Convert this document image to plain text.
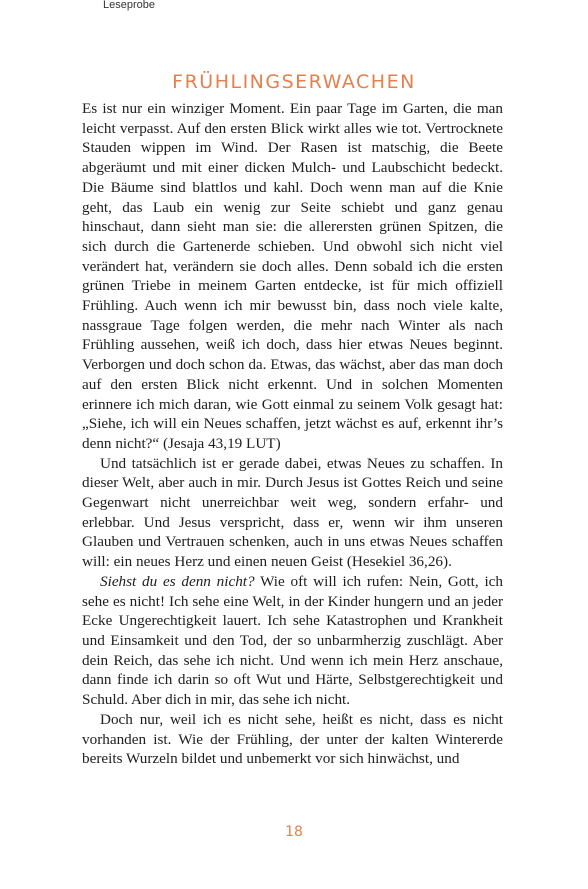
Leseprobe
FRÜHLINGSERWACHEN

Es ist nur ein winziger Moment. Ein paar Tage im Garten, die man leicht verpasst. Auf den ersten Blick wirkt alles wie tot. Vertrocknete Stauden wippen im Wind. Der Rasen ist matschig, die Beete abgeräumt und mit einer dicken Mulch- und Laubschicht bedeckt. Die Bäume sind blattlos und kahl. Doch wenn man auf die Knie geht, das Laub ein wenig zur Seite schiebt und ganz genau hinschaut, dann sieht man sie: die allerersten grünen Spitzen, die sich durch die Gartenerde schieben. Und obwohl sich nicht viel verändert hat, verändern sie doch alles. Denn sobald ich die ersten grünen Triebe in meinem Garten entdecke, ist für mich offiziell Frühling. Auch wenn ich mir bewusst bin, dass noch viele kalte, nassgraue Tage folgen werden, die mehr nach Winter als nach Frühling aussehen, weiß ich doch, dass hier etwas Neues beginnt. Verborgen und doch schon da. Etwas, das wächst, aber das man doch auf den ersten Blick nicht erkennt. Und in solchen Momenten erinnere ich mich daran, wie Gott einmal zu seinem Volk gesagt hat: „Siehe, ich will ein Neues schaffen, jetzt wächst es auf, erkennt ihr’s denn nicht?“ (Jesaja 43,19 LUT)

Und tatsächlich ist er gerade dabei, etwas Neues zu schaffen. In dieser Welt, aber auch in mir. Durch Jesus ist Gottes Reich und seine Gegenwart nicht unerreichbar weit weg, sondern erfahr- und erlebbar. Und Jesus verspricht, dass er, wenn wir ihm unseren Glauben und Vertrauen schenken, auch in uns etwas Neues schaffen will: ein neues Herz und einen neuen Geist (Hesekiel 36,26).

Siehst du es denn nicht? Wie oft will ich rufen: Nein, Gott, ich sehe es nicht! Ich sehe eine Welt, in der Kinder hungern und an jeder Ecke Ungerechtigkeit lauert. Ich sehe Katastrophen und Krankheit und Einsamkeit und den Tod, der so unbarmherzig zuschlägt. Aber dein Reich, das sehe ich nicht. Und wenn ich mein Herz anschaue, dann finde ich darin so oft Wut und Härte, Selbstgerechtigkeit und Schuld. Aber dich in mir, das sehe ich nicht.

Doch nur, weil ich es nicht sehe, heißt es nicht, dass es nicht vorhanden ist. Wie der Frühling, der unter der kalten Wintererde bereits Wurzeln bildet und unbemerkt vor sich hinwächst, und

18
